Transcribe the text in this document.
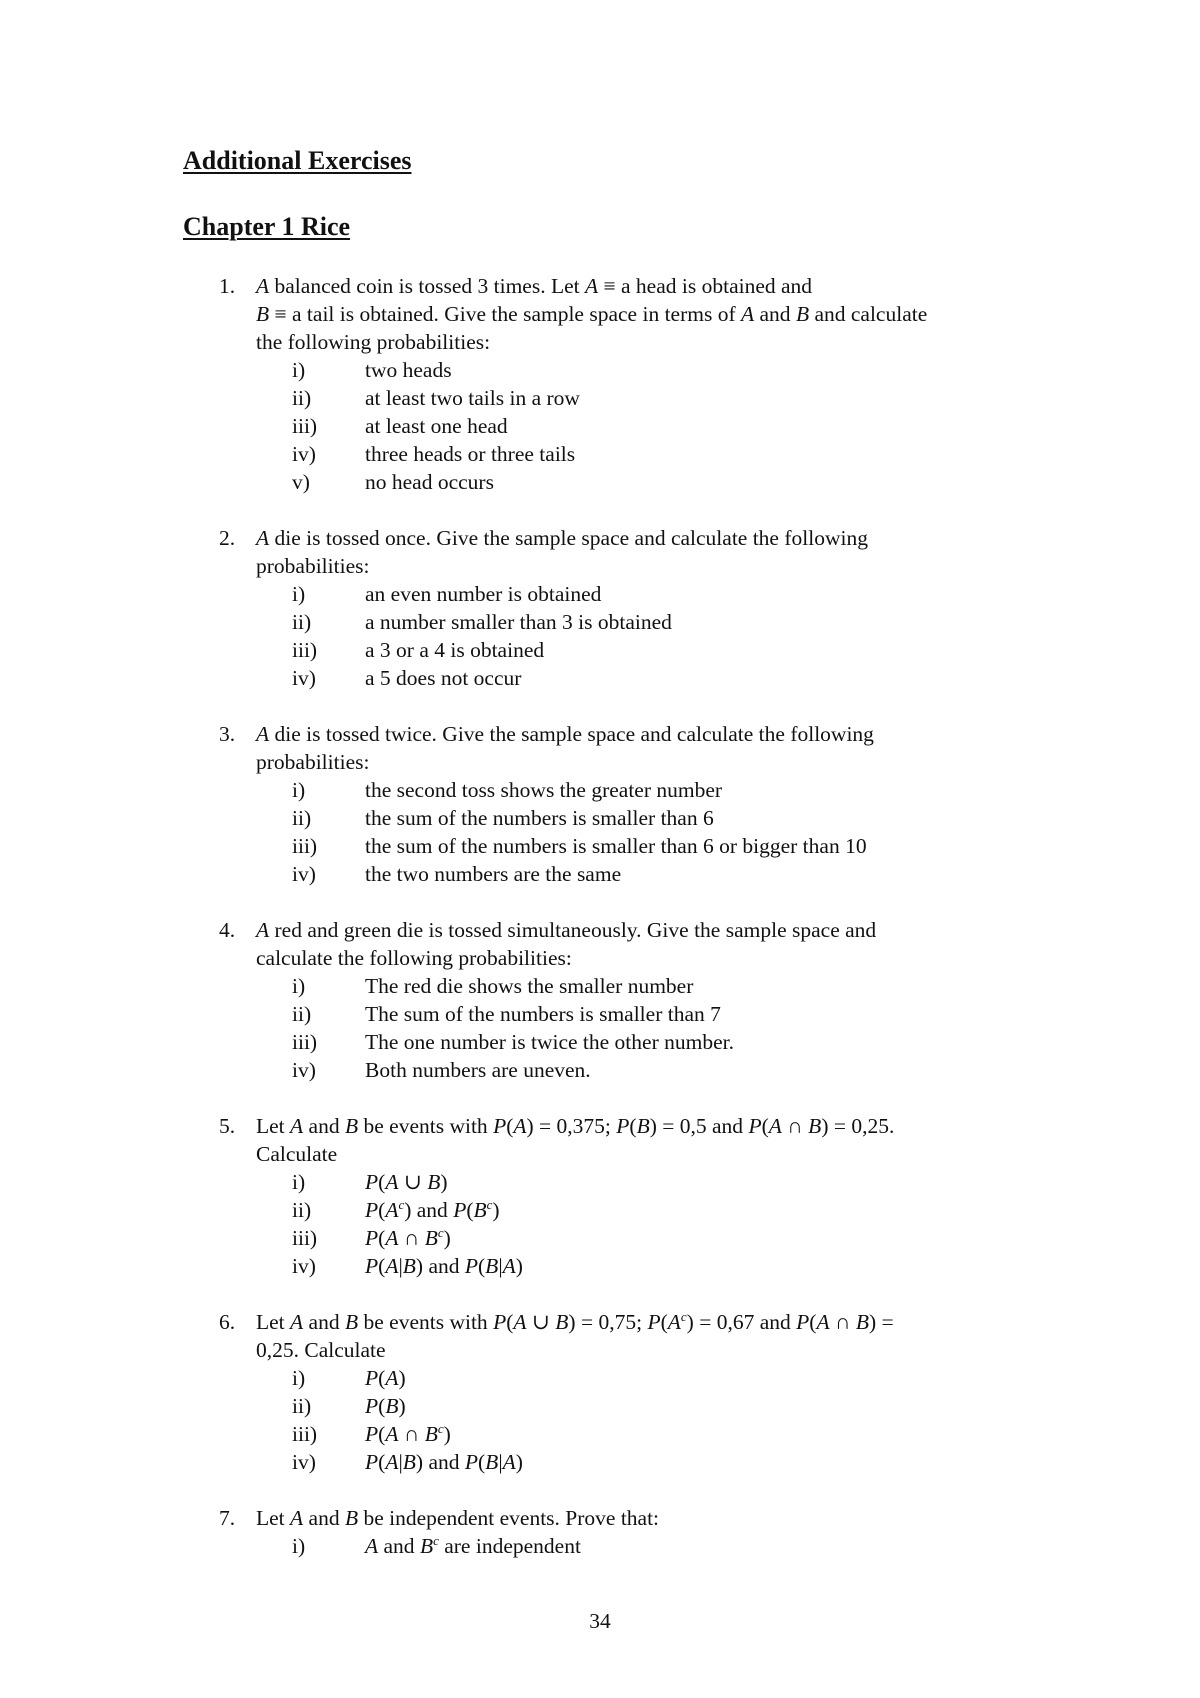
Additional Exercises
Chapter 1 Rice
1. A balanced coin is tossed 3 times. Let A ≡ a head is obtained and
B ≡ a tail is obtained. Give the sample space in terms of A and B and calculate
the following probabilities:
i)	two heads
ii)	at least two tails in a row
iii) at least one head
iv) three heads or three tails
v)	no head occurs
2. A die is tossed once. Give the sample space and calculate the following
probabilities:
i)	an even number is obtained
ii)	a number smaller than 3 is obtained
iii) a 3 or a 4 is obtained
iv) a 5 does not occur
3. A die is tossed twice. Give the sample space and calculate the following
probabilities:
i)	the second toss shows the greater number
ii)	the sum of the numbers is smaller than 6
iii) the sum of the numbers is smaller than 6 or bigger than 10
iv) the two numbers are the same
4. A red and green die is tossed simultaneously. Give the sample space and
calculate the following probabilities:
i)	The red die shows the smaller number
ii)	The sum of the numbers is smaller than 7
iii) The one number is twice the other number.
iv) Both numbers are uneven.
5. Let A and B be events with P(A) = 0,375; P(B) = 0,5 and P(A ∩ B) = 0,25.
Calculate
i)	P(A ∪ B)
ii)	$P(A^c)$ and $P(B^c)$
iii) P(A ∩ $B^c$)
iv) P(A|B) and P(B|A)
6. Let A and B be events with P(A ∪ B) = 0,75; $P(A^c) = 0,67$ and P(A ∩ B) =
0,25. Calculate
i)	P(A)
ii)	P(B)
iii) P(A ∩ $B^c$)
iv) P(A|B) and P(B|A)
7. Let A and B be independent events. Prove that:
i)	A and $B^c$ are independent
34
